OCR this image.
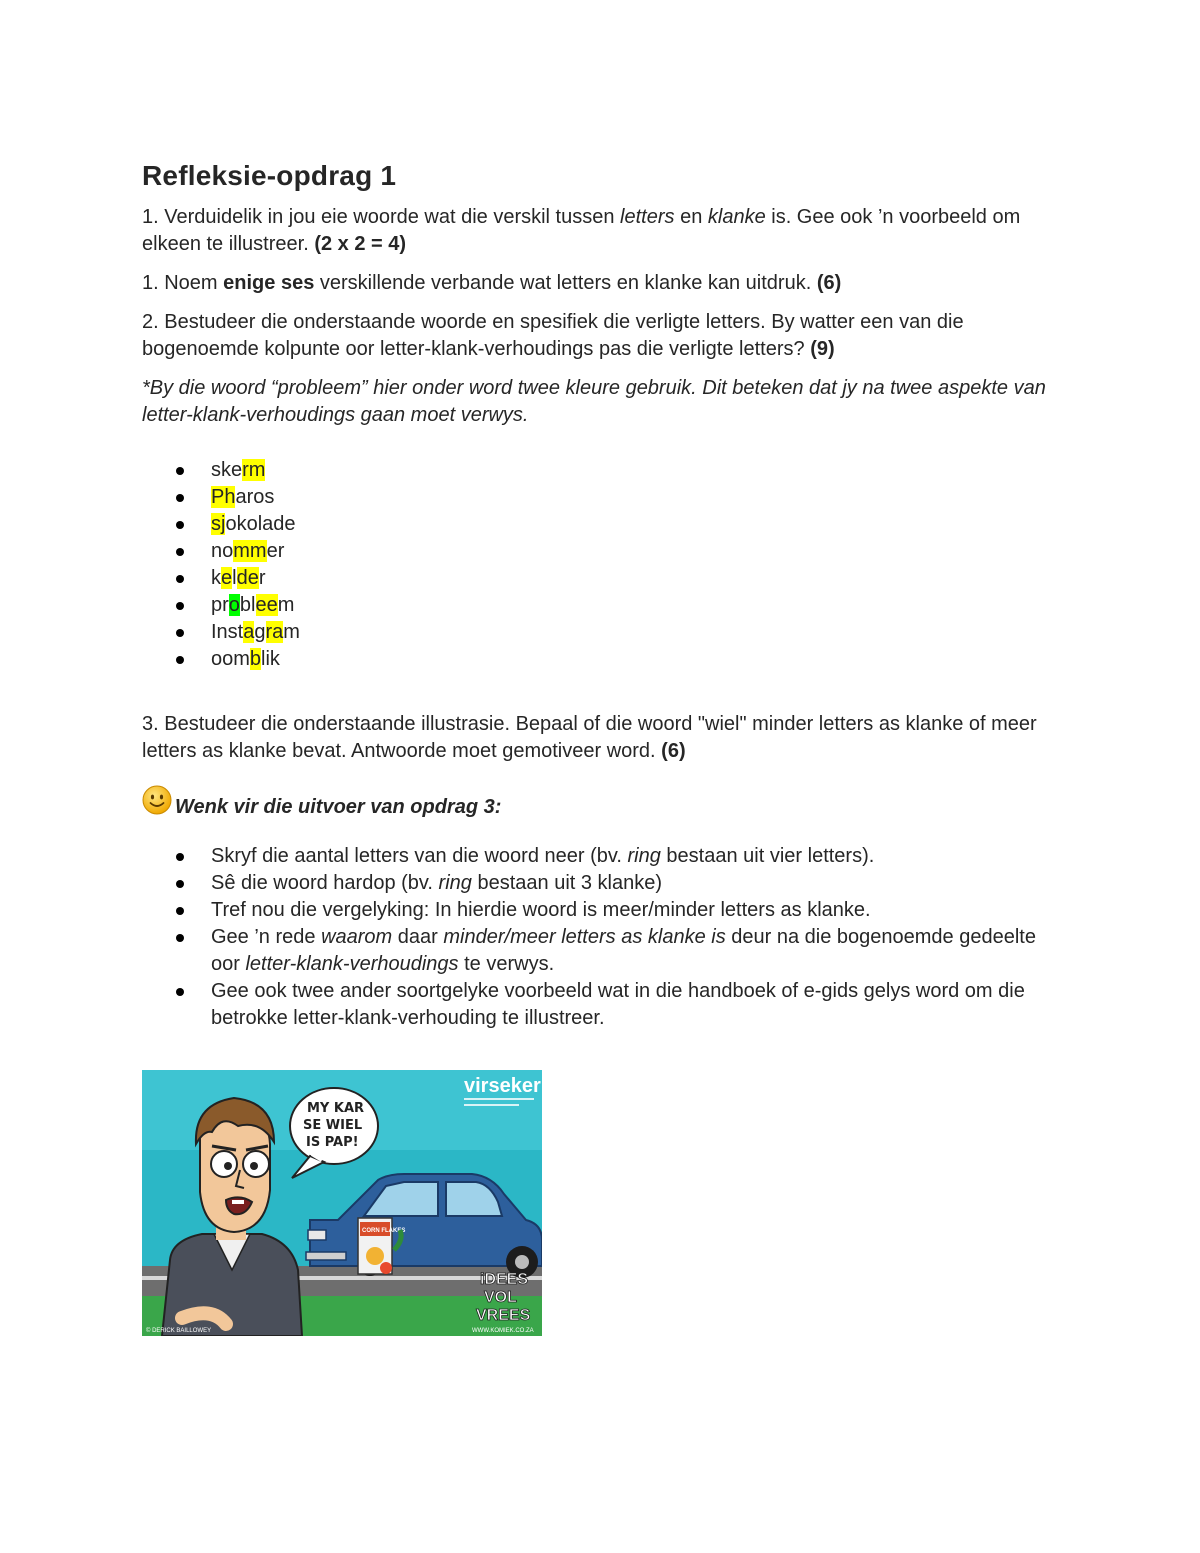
Refleksie-opdrag 1

1. Verduidelik in jou eie woorde wat die verskil tussen letters en klanke is. Gee ook ’n voorbeeld om elkeen te illustreer. (2 x 2 = 4)

1. Noem enige ses verskillende verbande wat letters en klanke kan uitdruk. (6)

2. Bestudeer die onderstaande woorde en spesifiek die verligte letters. By watter een van die bogenoemde kolpunte oor letter-klank-verhoudings pas die verligte letters? (9)

*By die woord “probleem” hier onder word twee kleure gebruik. Dit beteken dat jy na twee aspekte van letter-klank-verhoudings gaan moet verwys.

skerm
Pharos
sjokolade
nommer
kelder
probleem
Instagram
oomblik

3. Bestudeer die onderstaande illustrasie. Bepaal of die woord "wiel" minder letters as klanke of meer letters as klanke bevat. Antwoorde moet gemotiveer word. (6)

Wenk vir die uitvoer van opdrag 3:
Skryf die aantal letters van die woord neer (bv. ring bestaan uit vier letters).
Sê die woord hardop (bv. ring bestaan uit 3 klanke)
Tref nou die vergelyking: In hierdie woord is meer/minder letters as klanke.
Gee ’n rede waarom daar minder/meer letters as klanke is deur na die bogenoemde gedeelte oor letter-klank-verhoudings te verwys.
Gee ook twee ander soortgelyke voorbeeld wat in die handboek of e-gids gelys word om die betrokke letter-klank-verhouding te illustreer.
virseker
CORN FLAKES
MY KAR
SE WIEL
IS PAP!
iDEES
VOL
VREES
© DERICK BAILLOWEY	WWW.KOMIEK.CO.ZA
